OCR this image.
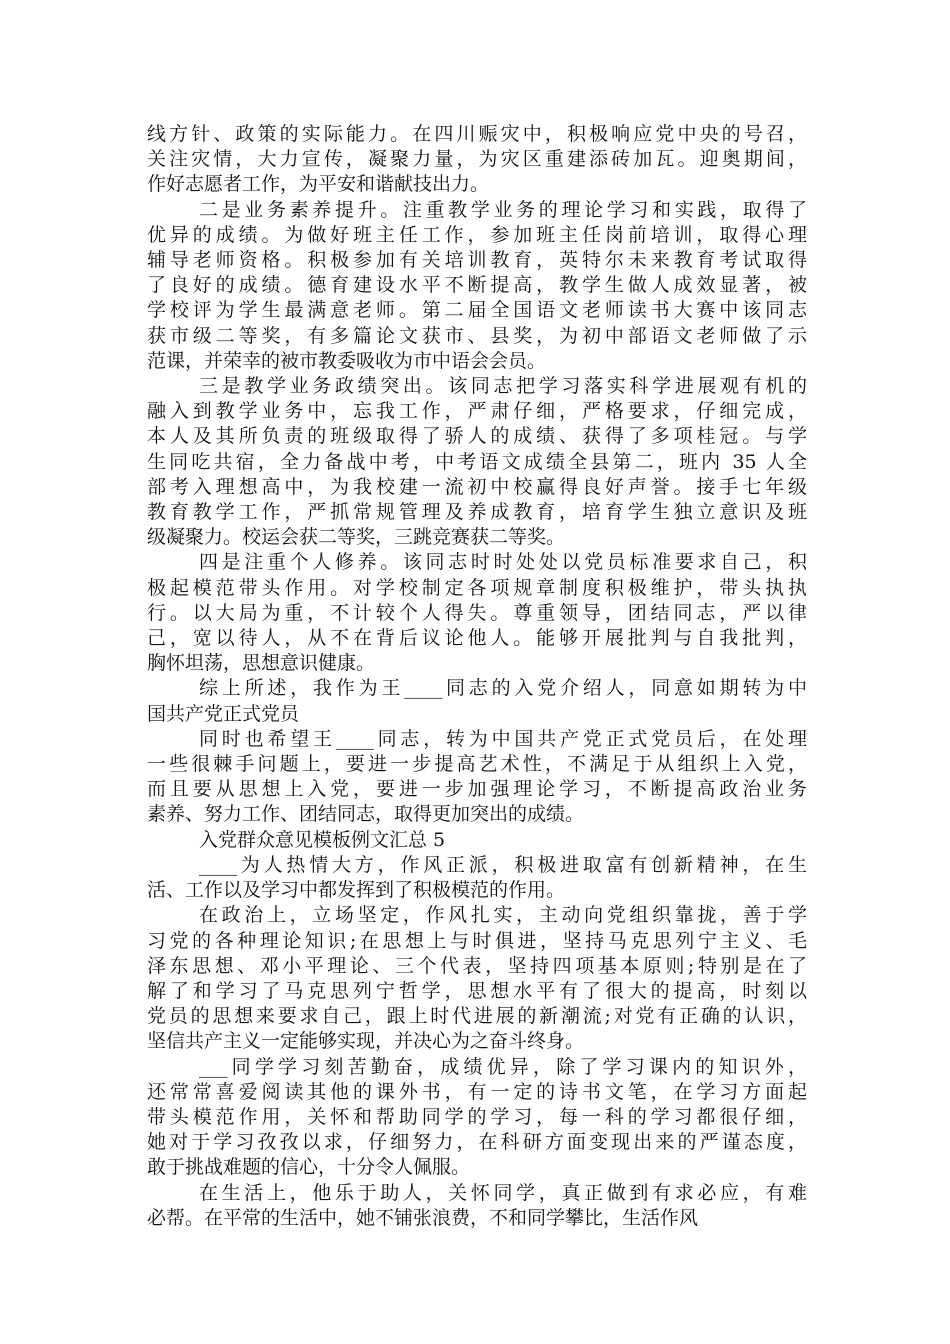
线方针、政策的实际能力。在四川赈灾中，积极响应党中央的号召，
关注灾情，大力宣传，凝聚力量，为灾区重建添砖加瓦。迎奥期间，
作好志愿者工作，为平安和谐献技出力。
二是业务素养提升。注重教学业务的理论学习和实践，取得了
优异的成绩。为做好班主任工作，参加班主任岗前培训，取得心理
辅导老师资格。积极参加有关培训教育，英特尔未来教育考试取得
了良好的成绩。德育建设水平不断提高，教学生做人成效显著，被
学校评为学生最满意老师。第二届全国语文老师读书大赛中该同志
获市级二等奖，有多篇论文获市、县奖，为初中部语文老师做了示
范课，并荣幸的被市教委吸收为市中语会会员。
三是教学业务政绩突出。该同志把学习落实科学进展观有机的
融入到教学业务中，忘我工作，严肃仔细，严格要求，仔细完成，
本人及其所负责的班级取得了骄人的成绩、获得了多项桂冠。与学
生同吃共宿，全力备战中考，中考语文成绩全县第二，班内 35 人全
部考入理想高中，为我校建一流初中校赢得良好声誉。接手七年级
教育教学工作，严抓常规管理及养成教育，培育学生独立意识及班
级凝聚力。校运会获二等奖，三跳竞赛获二等奖。
四是注重个人修养。该同志时时处处以党员标准要求自己，积
极起模范带头作用。对学校制定各项规章制度积极维护，带头执执
行。以大局为重，不计较个人得失。尊重领导，团结同志，严以律
己，宽以待人，从不在背后议论他人。能够开展批判与自我批判，
胸怀坦荡，思想意识健康。
综上所述，我作为王____同志的入党介绍人，同意如期转为中
国共产党正式党员
同时也希望王____同志，转为中国共产党正式党员后，在处理
一些很棘手问题上，要进一步提高艺术性，不满足于从组织上入党，
而且要从思想上入党，要进一步加强理论学习，不断提高政治业务
素养、努力工作、团结同志，取得更加突出的成绩。
入党群众意见模板例文汇总 5
____为人热情大方，作风正派，积极进取富有创新精神，在生
活、工作以及学习中都发挥到了积极模范的作用。
在政治上，立场坚定，作风扎实，主动向党组织靠拢，善于学
习党的各种理论知识;在思想上与时俱进，坚持马克思列宁主义、毛
泽东思想、邓小平理论、三个代表，坚持四项基本原则;特别是在了
解了和学习了马克思列宁哲学，思想水平有了很大的提高，时刻以
党员的思想来要求自己，跟上时代进展的新潮流;对党有正确的认识，
坚信共产主义一定能够实现，并决心为之奋斗终身。
___同学学习刻苦勤奋，成绩优异，除了学习课内的知识外，
还常常喜爱阅读其他的课外书，有一定的诗书文笔，在学习方面起
带头模范作用，关怀和帮助同学的学习，每一科的学习都很仔细，
她对于学习孜孜以求，仔细努力，在科研方面变现出来的严谨态度，
敢于挑战难题的信心，十分令人佩服。
在生活上，他乐于助人，关怀同学，真正做到有求必应，有难
必帮。在平常的生活中，她不铺张浪费，不和同学攀比，生活作风
